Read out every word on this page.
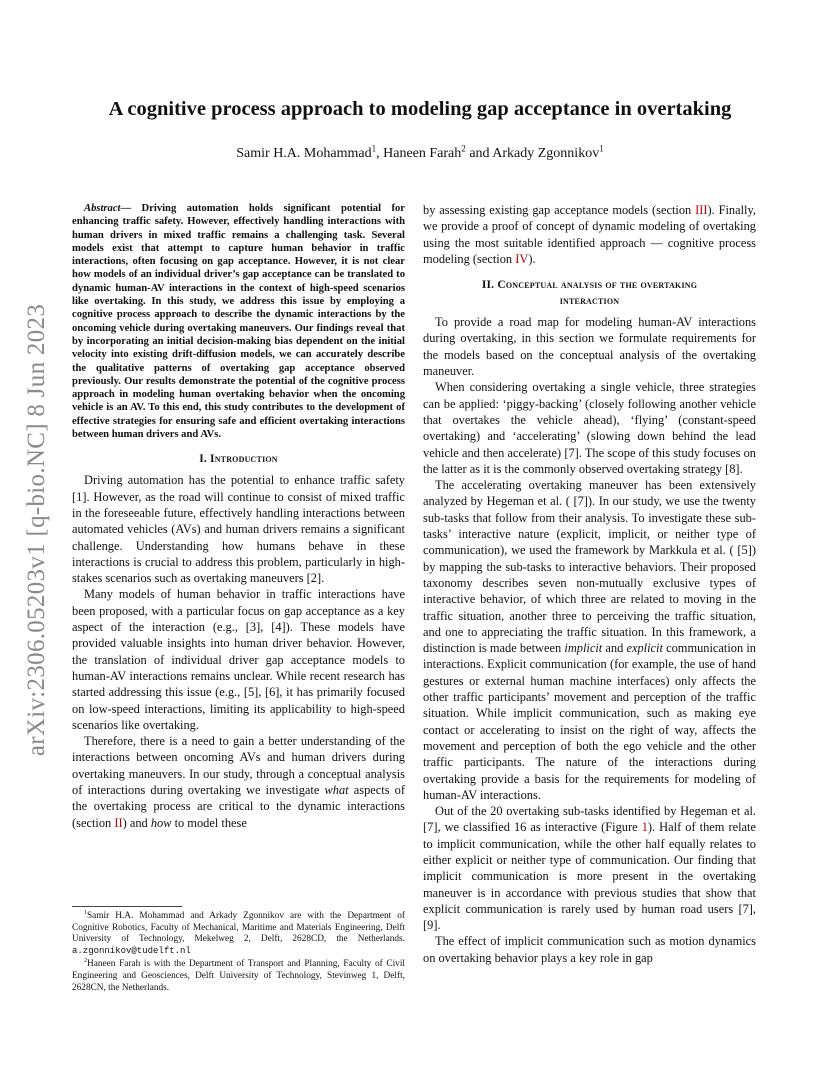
arXiv:2306.05203v1 [q-bio.NC] 8 Jun 2023
A cognitive process approach to modeling gap acceptance in overtaking
Samir H.A. Mohammad$^1$, Haneen Farah$^2$ and Arkady Zgonnikov$^1$

Abstract— Driving automation holds significant potential for enhancing traffic safety. However, effectively handling interactions with human drivers in mixed traffic remains a challenging task. Several models exist that attempt to capture human behavior in traffic interactions, often focusing on gap acceptance. However, it is not clear how models of an individual driver’s gap acceptance can be translated to dynamic human-AV interactions in the context of high-speed scenarios like overtaking. In this study, we address this issue by employing a cognitive process approach to describe the dynamic interactions by the oncoming vehicle during overtaking maneuvers. Our findings reveal that by incorporating an initial decision-making bias dependent on the initial velocity into existing drift-diffusion models, we can accurately describe the qualitative patterns of overtaking gap acceptance observed previously. Our results demonstrate the potential of the cognitive process approach in modeling human overtaking behavior when the oncoming vehicle is an AV. To this end, this study contributes to the development of effective strategies for ensuring safe and efficient overtaking interactions between human drivers and AVs.

I. Introduction

Driving automation has the potential to enhance traffic safety [1]. However, as the road will continue to consist of mixed traffic in the foreseeable future, effectively handling interactions between automated vehicles (AVs) and human drivers remains a significant challenge. Understanding how humans behave in these interactions is crucial to address this problem, particularly in high-stakes scenarios such as overtaking maneuvers [2].

Many models of human behavior in traffic interactions have been proposed, with a particular focus on gap acceptance as a key aspect of the interaction (e.g., [3], [4]). These models have provided valuable insights into human driver behavior. However, the translation of individual driver gap acceptance models to human-AV interactions remains unclear. While recent research has started addressing this issue (e.g., [5], [6], it has primarily focused on low-speed interactions, limiting its applicability to high-speed scenarios like overtaking.

Therefore, there is a need to gain a better understanding of the interactions between oncoming AVs and human drivers during overtaking maneuvers. In our study, through a conceptual analysis of interactions during overtaking we investigate what aspects of the overtaking process are critical to the dynamic interactions (section II) and how to model these

$^1$Samir H.A. Mohammad and Arkady Zgonnikov are with the Department of Cognitive Robotics, Faculty of Mechanical, Maritime and Materials Engineering, Delft University of Technology, Mekelweg 2, Delft, 2628CD, the Netherlands. a.zgonnikov@tudelft.nl

$^2$Haneen Farah is with the Department of Transport and Planning, Faculty of Civil Engineering and Geosciences, Delft University of Technology, Stevinweg 1, Delft, 2628CN, the Netherlands.

by assessing existing gap acceptance models (section III). Finally, we provide a proof of concept of dynamic modeling of overtaking using the most suitable identified approach — cognitive process modeling (section IV).

II. Conceptual analysis of the overtaking
interaction

To provide a road map for modeling human-AV interactions during overtaking, in this section we formulate requirements for the models based on the conceptual analysis of the overtaking maneuver.

When considering overtaking a single vehicle, three strategies can be applied: ‘piggy-backing’ (closely following another vehicle that overtakes the vehicle ahead), ‘flying’ (constant-speed overtaking) and ‘accelerating’ (slowing down behind the lead vehicle and then accelerate) [7]. The scope of this study focuses on the latter as it is the commonly observed overtaking strategy [8].

The accelerating overtaking maneuver has been extensively analyzed by Hegeman et al. ( [7]). In our study, we use the twenty sub-tasks that follow from their analysis. To investigate these sub-tasks’ interactive nature (explicit, implicit, or neither type of communication), we used the framework by Markkula et al. ( [5]) by mapping the sub-tasks to interactive behaviors. Their proposed taxonomy describes seven non-mutually exclusive types of interactive behavior, of which three are related to moving in the traffic situation, another three to perceiving the traffic situation, and one to appreciating the traffic situation. In this framework, a distinction is made between implicit and explicit communication in interactions. Explicit communication (for example, the use of hand gestures or external human machine interfaces) only affects the other traffic participants’ movement and perception of the traffic situation. While implicit communication, such as making eye contact or accelerating to insist on the right of way, affects the movement and perception of both the ego vehicle and the other traffic participants. The nature of the interactions during overtaking provide a basis for the requirements for modeling of human-AV interactions.

Out of the 20 overtaking sub-tasks identified by Hegeman et al. [7], we classified 16 as interactive (Figure 1). Half of them relate to implicit communication, while the other half equally relates to either explicit or neither type of communication. Our finding that implicit communication is more present in the overtaking maneuver is in accordance with previous studies that show that explicit communication is rarely used by human road users [7], [9].

The effect of implicit communication such as motion dynamics on overtaking behavior plays a key role in gap
